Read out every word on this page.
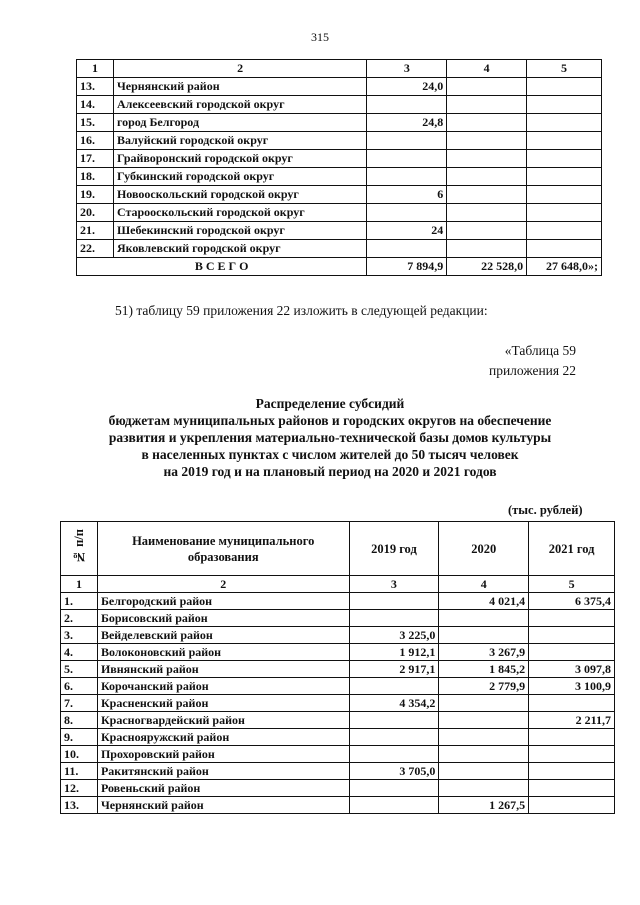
315
1	2	3	4	5
13.	Чернянский район	24,0		
14.	Алексеевский городской округ			
15.	город Белгород	24,8		
16.	Валуйский городской округ			
17.	Грайворонский городской округ			
18.	Губкинский городской округ			
19.	Новооскольский городской округ	6		
20.	Старооскольский городской округ			
21.	Шебекинский городской округ	24		
22.	Яковлевский городской округ			
В С Е Г О		7 894,9	22 528,0	27 648,0»;
51) таблицу 59 приложения 22 изложить в следующей редакции:
«Таблица 59
приложения 22
Распределение субсидий
бюджетам муниципальных районов и городских округов на обеспечение
развития и укрепления материально-технической базы домов культуры
в населенных пунктах с числом жителей до 50 тысяч человек
на 2019 год и на плановый период на 2020 и 2021 годов
(тыс. рублей)
№ п/п	Наименование муниципального образования	2019 год	2020	2021 год
1	2	3	4	5
1.	Белгородский район		4 021,4	6 375,4
2.	Борисовский район			
3.	Вейделевский район	3 225,0		
4.	Волоконовский район	1 912,1	3 267,9	
5.	Ивнянский район	2 917,1	1 845,2	3 097,8
6.	Корочанский район		2 779,9	3 100,9
7.	Красненский район	4 354,2		
8.	Красногвардейский район			2 211,7
9.	Краснояружский район			
10.	Прохоровский район			
11.	Ракитянский район	3 705,0		
12.	Ровеньский район			
13.	Чернянский район		1 267,5	
